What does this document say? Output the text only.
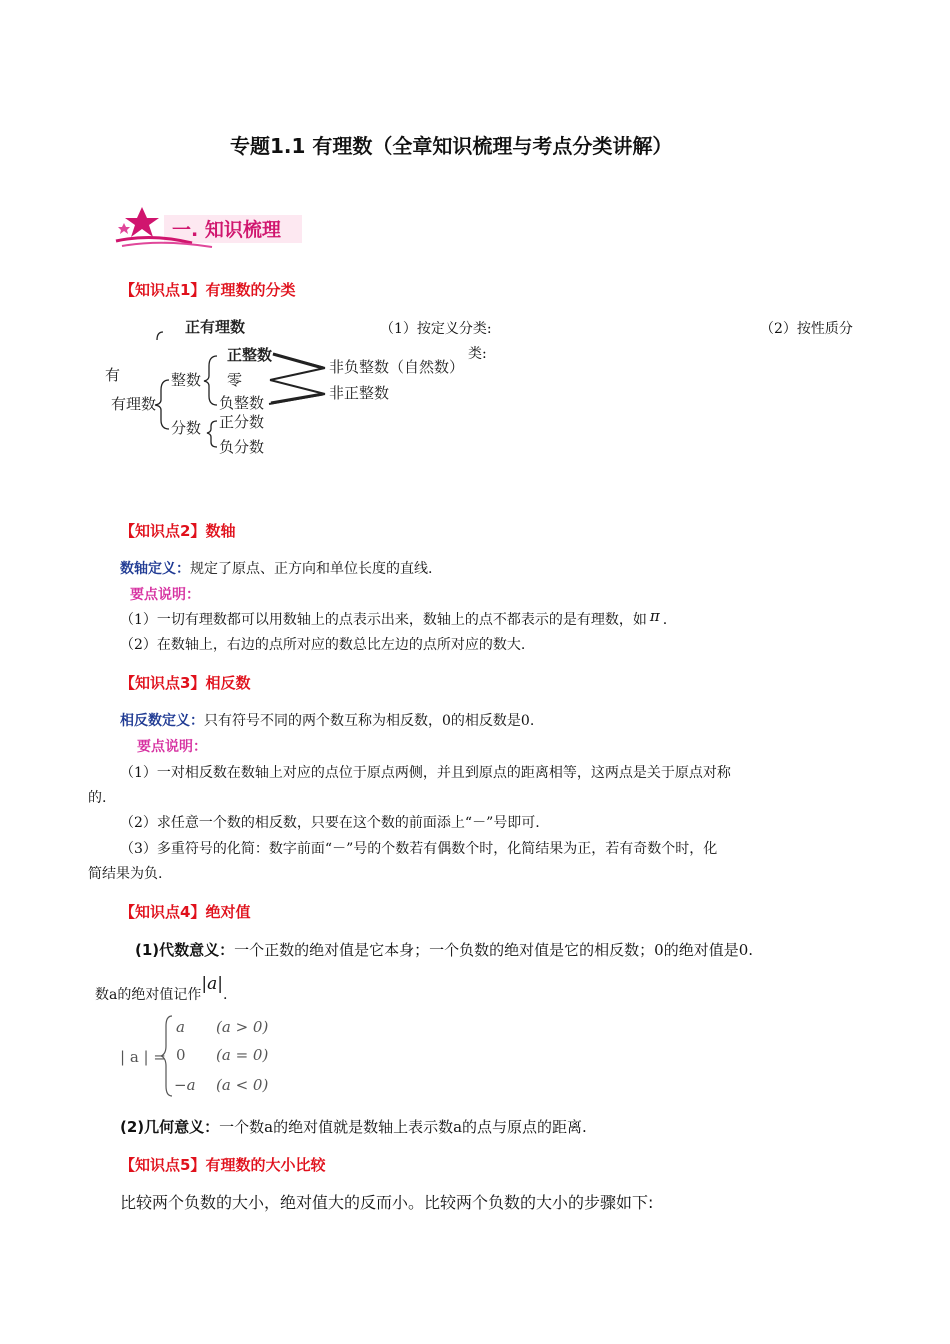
专题1.1 有理数（全章知识梳理与考点分类讲解）
一. 知识梳理
【知识点1】有理数的分类
（1）按定义分类:	（2）按性质分
类:
有
正有理数
有理数
整数
分数
正整数
零
负整数
正分数
负分数
非负整数（自然数）
非正整数
【知识点2】数轴
数轴定义：规定了原点、正方向和单位长度的直线.
要点说明：
（1）一切有理数都可以用数轴上的点表示出来，数轴上的点不都表示的是有理数，如 π .
（2）在数轴上，右边的点所对应的数总比左边的点所对应的数大.
【知识点3】相反数
相反数定义：只有符号不同的两个数互称为相反数，0的相反数是0.
要点说明：
（1）一对相反数在数轴上对应的点位于原点两侧，并且到原点的距离相等，这两点是关于原点对称
的.
（2）求任意一个数的相反数，只要在这个数的前面添上“－”号即可.
（3）多重符号的化简：数字前面“－”号的个数若有偶数个时，化简结果为正，若有奇数个时，化
简结果为负.
【知识点4】绝对值
(1)代数意义：一个正数的绝对值是它本身；一个负数的绝对值是它的相反数；0的绝对值是0.
数a的绝对值记作|a|.
| a | =
a (a > 0)
0 (a = 0)
−a (a < 0)
(2)几何意义：一个数a的绝对值就是数轴上表示数a的点与原点的距离.
【知识点5】有理数的大小比较
比较两个负数的大小，绝对值大的反而小。比较两个负数的大小的步骤如下:
